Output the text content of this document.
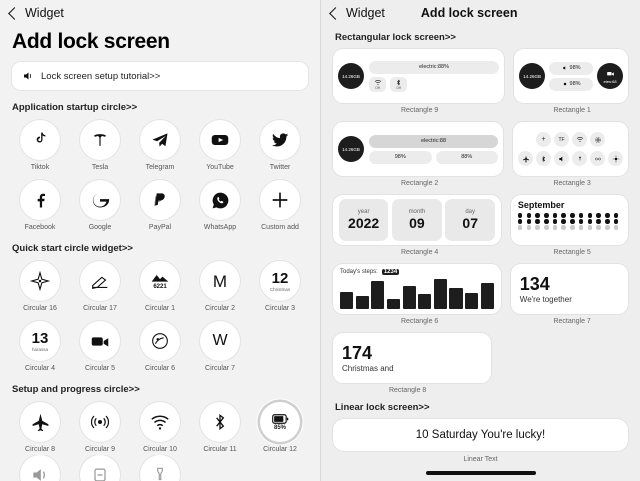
Widget
Add lock screen
Lock screen setup tutorial>>
Application startup circle>>
Tiktok	Tesla	Telegram	YouTube	Twitter
Facebook	Google	PayPal	WhatsApp	Custom add
Quick start circle widget>>
Circular 16	Circular 17
6221
Circular 1
M
Circular 2
12
Christmas
Circular 3
13
harassa
Circular 4	Circular 5	Circular 6
W
Circular 7
Setup and progress circle>>
Circular 8	Circular 9	Circular 10	Circular 11
85%
Circular 12
Widget	Add lock screen
Rectangular lock screen>>
14.26GB
electric:88%
Off	Off
14.26GB
98%
98%	etes:68
Rectangle 9	Rectangle 1
14.26GB
electric:88
98%	88%
+	TF
Rectangle 2	Rectangle 3
year
2022
month
09
day
07
September
Rectangle 4	Rectangle 5
Today's steps:	1234
134
We're together
Rectangle 6	Rectangle 7
174
Christmas and
Rectangle 8
Linear lock screen>>
10 Saturday You're lucky!
Linear Text
